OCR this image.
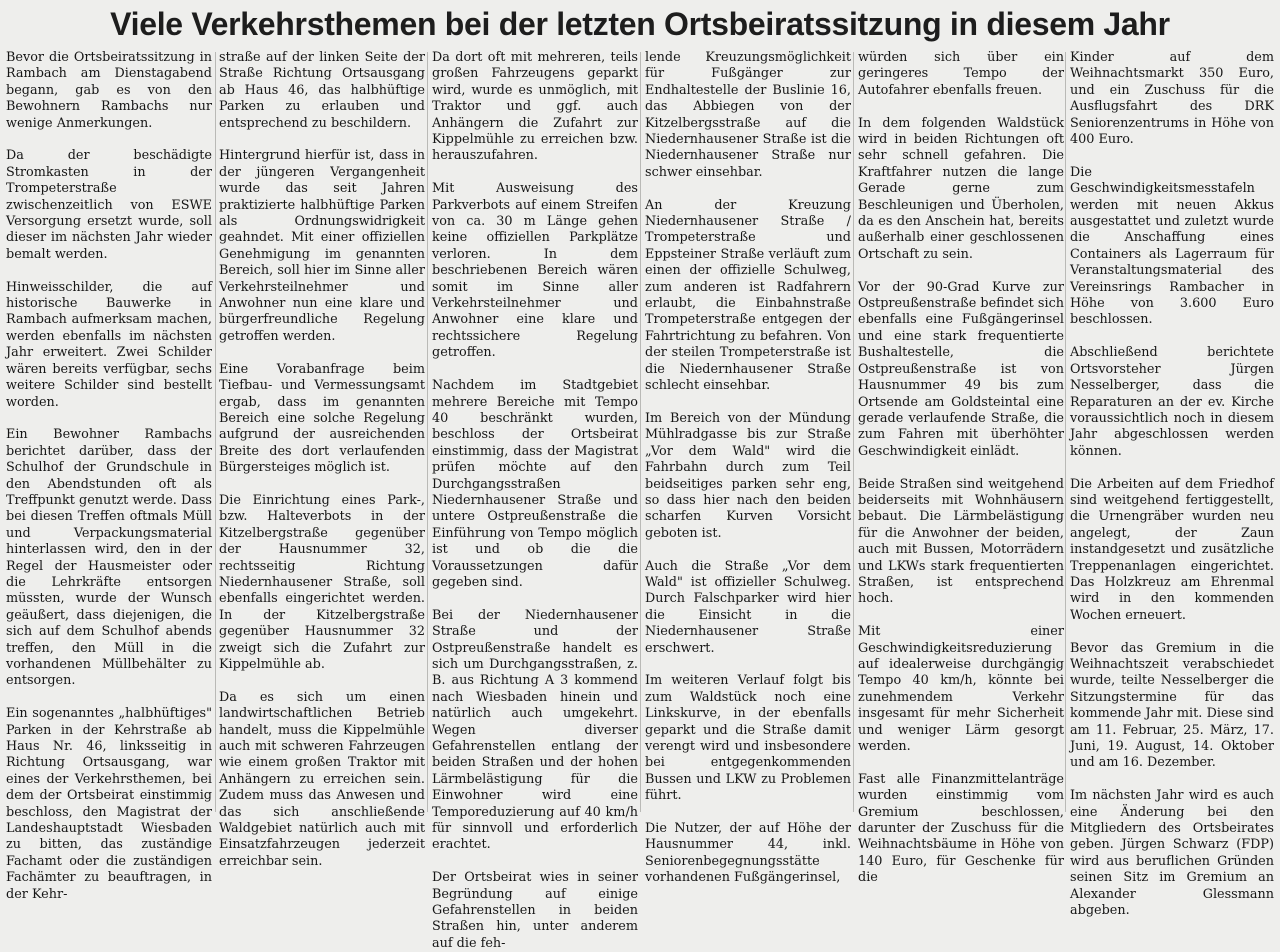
Viele Verkehrsthemen bei der letzten Ortsbeiratssitzung in diesem Jahr

Bevor die Ortsbeiratssitzung in Rambach am Dienstagabend begann, gab es von den Bewohnern Rambachs nur wenige Anmerkungen.

Da der beschädigte Stromkasten in der Trompeterstraße zwischenzeitlich von ESWE Versorgung ersetzt wurde, soll dieser im nächsten Jahr wieder bemalt werden.

Hinweisschilder, die auf historische Bauwerke in Rambach aufmerksam machen, werden ebenfalls im nächsten Jahr erweitert. Zwei Schilder wären bereits verfügbar, sechs weitere Schilder sind bestellt worden.

Ein Bewohner Rambachs berichtet darüber, dass der Schulhof der Grundschule in den Abendstunden oft als Treffpunkt genutzt werde. Dass bei diesen Treffen oftmals Müll und Verpackungsmaterial hinterlassen wird, den in der Regel der Hausmeister oder die Lehrkräfte entsorgen müssten, wurde der Wunsch geäußert, dass diejenigen, die sich auf dem Schulhof abends treffen, den Müll in die vorhandenen Müllbehälter zu entsorgen.

Ein sogenanntes „halbhüftiges" Parken in der Kehrstraße ab Haus Nr. 46, linksseitig in Richtung Ortsausgang, war eines der Verkehrsthemen, bei dem der Ortsbeirat einstimmig beschloss, den Magistrat der Landeshauptstadt Wiesbaden zu bitten, das zuständige Fachamt oder die zuständigen Fachämter zu beauftragen, in der Kehr-

straße auf der linken Seite der Straße Richtung Ortsausgang ab Haus 46, das halbhüftige Parken zu erlauben und entsprechend zu beschildern.

Hintergrund hierfür ist, dass in der jüngeren Vergangenheit wurde das seit Jahren praktizierte halbhüftige Parken als Ordnungswidrigkeit geahndet. Mit einer offiziellen Genehmigung im genannten Bereich, soll hier im Sinne aller Verkehrsteilnehmer und Anwohner nun eine klare und bürgerfreundliche Regelung getroffen werden.

Eine Vorabanfrage beim Tiefbau- und Vermessungsamt ergab, dass im genannten Bereich eine solche Regelung aufgrund der ausreichenden Breite des dort verlaufenden Bürgersteiges möglich ist.

Die Einrichtung eines Park-, bzw. Halteverbots in der Kitzelbergstraße gegenüber der Hausnummer 32, rechtsseitig Richtung Niedernhausener Straße, soll ebenfalls eingerichtet werden. In der Kitzelbergstraße gegenüber Hausnummer 32 zweigt sich die Zufahrt zur Kippelmühle ab.

Da es sich um einen landwirtschaftlichen Betrieb handelt, muss die Kippelmühle auch mit schweren Fahrzeugen wie einem großen Traktor mit Anhängern zu erreichen sein. Zudem muss das Anwesen und das sich anschließende Waldgebiet natürlich auch mit Einsatzfahrzeugen jederzeit erreichbar sein.

Da dort oft mit mehreren, teils großen Fahrzeugens geparkt wird, wurde es unmöglich, mit Traktor und ggf. auch Anhängern die Zufahrt zur Kippelmühle zu erreichen bzw. herauszufahren.

Mit Ausweisung des Parkverbots auf einem Streifen von ca. 30 m Länge gehen keine offiziellen Parkplätze verloren. In dem beschriebenen Bereich wären somit im Sinne aller Verkehrsteilnehmer und Anwohner eine klare und rechtssichere Regelung getroffen.

Nachdem im Stadtgebiet mehrere Bereiche mit Tempo 40 beschränkt wurden, beschloss der Ortsbeirat einstimmig, dass der Magistrat prüfen möchte auf den Durchgangsstraßen Niedernhausener Straße und untere Ostpreußenstraße die Einführung von Tempo möglich ist und ob die die Voraussetzungen dafür gegeben sind.

Bei der Niedernhausener Straße und der Ostpreußenstraße handelt es sich um Durchgangsstraßen, z. B. aus Richtung A 3 kommend nach Wiesbaden hinein und natürlich auch umgekehrt. Wegen diverser Gefahrenstellen entlang der beiden Straßen und der hohen Lärmbelästigung für die Einwohner wird eine Temporeduzierung auf 40 km/h für sinnvoll und erforderlich erachtet.

Der Ortsbeirat wies in seiner Begründung auf einige Gefahrenstellen in beiden Straßen hin, unter anderem auf die feh-

lende Kreuzungsmöglichkeit für Fußgänger zur Endhaltestelle der Buslinie 16, das Abbiegen von der Kitzelbergsstraße auf die Niedernhausener Straße ist die Niedernhausener Straße nur schwer einsehbar.

An der Kreuzung Niedernhausener Straße / Trompeterstraße und Eppsteiner Straße verläuft zum einen der offizielle Schulweg, zum anderen ist Radfahrern erlaubt, die Einbahnstraße Trompeterstraße entgegen der Fahrtrichtung zu befahren. Von der steilen Trompeterstraße ist die Niedernhausener Straße schlecht einsehbar.

Im Bereich von der Mündung Mühlradgasse bis zur Straße „Vor dem Wald" wird die Fahrbahn durch zum Teil beidseitiges parken sehr eng, so dass hier nach den beiden scharfen Kurven Vorsicht geboten ist.

Auch die Straße „Vor dem Wald" ist offizieller Schulweg. Durch Falschparker wird hier die Einsicht in die Niedernhausener Straße erschwert.

Im weiteren Verlauf folgt bis zum Waldstück noch eine Linkskurve, in der ebenfalls geparkt und die Straße damit verengt wird und insbesondere bei entgegenkommenden Bussen und LKW zu Problemen führt.

Die Nutzer, der auf Höhe der Hausnummer 44, inkl. Seniorenbegegnungsstätte vorhandenen Fußgängerinsel,

würden sich über ein geringeres Tempo der Autofahrer ebenfalls freuen.

In dem folgenden Waldstück wird in beiden Richtungen oft sehr schnell gefahren. Die Kraftfahrer nutzen die lange Gerade gerne zum Beschleunigen und Überholen, da es den Anschein hat, bereits außerhalb einer geschlossenen Ortschaft zu sein.

Vor der 90-Grad Kurve zur Ostpreußenstraße befindet sich ebenfalls eine Fußgängerinsel und eine stark frequentierte Bushaltestelle, die Ostpreußenstraße ist von Hausnummer 49 bis zum Ortsende am Goldsteintal eine gerade verlaufende Straße, die zum Fahren mit überhöhter Geschwindigkeit einlädt.

Beide Straßen sind weitgehend beiderseits mit Wohnhäusern bebaut. Die Lärmbelästigung für die Anwohner der beiden, auch mit Bussen, Motorrädern und LKWs stark frequentierten Straßen, ist entsprechend hoch.

Mit einer Geschwindigkeitsreduzierung auf idealerweise durchgängig Tempo 40 km/h, könnte bei zunehmendem Verkehr insgesamt für mehr Sicherheit und weniger Lärm gesorgt werden.

Fast alle Finanzmittelanträge wurden einstimmig vom Gremium beschlossen, darunter der Zuschuss für die Weihnachtsbäume in Höhe von 140 Euro, für Geschenke für die

Kinder auf dem Weihnachtsmarkt 350 Euro, und ein Zuschuss für die Ausflugsfahrt des DRK Seniorenzentrums in Höhe von 400 Euro.

Die Geschwindigkeitsmesstafeln werden mit neuen Akkus ausgestattet und zuletzt wurde die Anschaffung eines Containers als Lagerraum für Veranstaltungsmaterial des Vereinsrings Rambacher in Höhe von 3.600 Euro beschlossen.

Abschließend berichtete Ortsvorsteher Jürgen Nesselberger, dass die Reparaturen an der ev. Kirche voraussichtlich noch in diesem Jahr abgeschlossen werden können.

Die Arbeiten auf dem Friedhof sind weitgehend fertiggestellt, die Urnengräber wurden neu angelegt, der Zaun instandgesetzt und zusätzliche Treppenanlagen eingerichtet. Das Holzkreuz am Ehrenmal wird in den kommenden Wochen erneuert.

Bevor das Gremium in die Weihnachtszeit verabschiedet wurde, teilte Nesselberger die Sitzungstermine für das kommende Jahr mit. Diese sind am 11. Februar, 25. März, 17. Juni, 19. August, 14. Oktober und am 16. Dezember.

Im nächsten Jahr wird es auch eine Änderung bei den Mitgliedern des Ortsbeirates geben. Jürgen Schwarz (FDP) wird aus beruflichen Gründen seinen Sitz im Gremium an Alexander Glessmann abgeben.
